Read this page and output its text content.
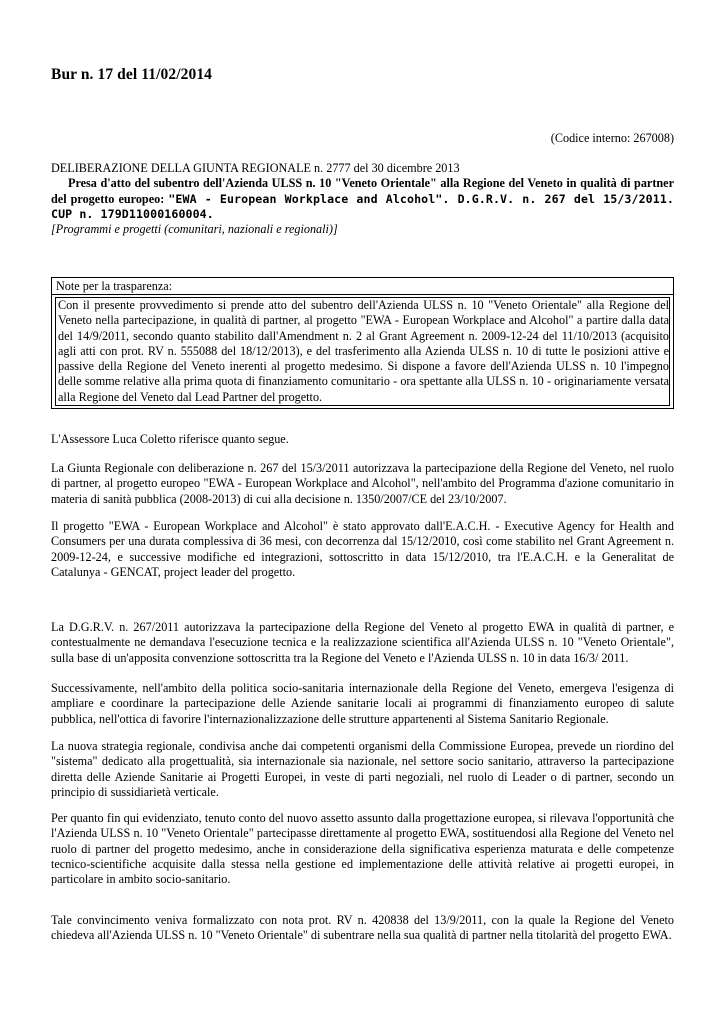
Bur n. 17 del 11/02/2014
(Codice interno: 267008)

DELIBERAZIONE DELLA GIUNTA REGIONALE n. 2777 del 30 dicembre 2013

Presa d'atto del subentro dell'Azienda ULSS n. 10 "Veneto Orientale" alla Regione del Veneto in qualità di partner del progetto europeo: "EWA - European Workplace and Alcohol". D.G.R.V. n. 267 del 15/3/2011. CUP n. 179D11000160004.

[Programmi e progetti (comunitari, nazionali e regionali)]

Note per la trasparenza:
Con il presente provvedimento si prende atto del subentro dell'Azienda ULSS n. 10 "Veneto Orientale" alla Regione del Veneto nella partecipazione, in qualità di partner, al progetto "EWA - European Workplace and Alcohol" a partire dalla data del 14/9/2011, secondo quanto stabilito dall'Amendment n. 2 al Grant Agreement n. 2009-12-24 del 11/10/2013 (acquisito agli atti con prot. RV n. 555088 del 18/12/2013), e del trasferimento alla Azienda ULSS n. 10 di tutte le posizioni attive e passive della Regione del Veneto inerenti al progetto medesimo. Si dispone a favore dell'Azienda ULSS n. 10 l'impegno delle somme relative alla prima quota di finanziamento comunitario - ora spettante alla ULSS n. 10 - originariamente versata alla Regione del Veneto dal Lead Partner del progetto.

L'Assessore Luca Coletto riferisce quanto segue.

La Giunta Regionale con deliberazione n. 267 del 15/3/2011 autorizzava la partecipazione della Regione del Veneto, nel ruolo di partner, al progetto europeo "EWA - European Workplace and Alcohol", nell'ambito del Programma d'azione comunitario in materia di sanità pubblica (2008-2013) di cui alla decisione n. 1350/2007/CE del 23/10/2007.

Il progetto "EWA - European Workplace and Alcohol" è stato approvato dall'E.A.C.H. - Executive Agency for Health and Consumers per una durata complessiva di 36 mesi, con decorrenza dal 15/12/2010, così come stabilito nel Grant Agreement n. 2009-12-24, e successive modifiche ed integrazioni, sottoscritto in data 15/12/2010, tra l'E.A.C.H. e la Generalitat de Catalunya - GENCAT, project leader del progetto.

La D.G.R.V. n. 267/2011 autorizzava la partecipazione della Regione del Veneto al progetto EWA in qualità di partner, e contestualmente ne demandava l'esecuzione tecnica e la realizzazione scientifica all'Azienda ULSS n. 10 "Veneto Orientale", sulla base di un'apposita convenzione sottoscritta tra la Regione del Veneto e l'Azienda ULSS n. 10 in data 16/3/ 2011.

Successivamente, nell'ambito della politica socio-sanitaria internazionale della Regione del Veneto, emergeva l'esigenza di ampliare e coordinare la partecipazione delle Aziende sanitarie locali ai programmi di finanziamento europeo di salute pubblica, nell'ottica di favorire l'internazionalizzazione delle strutture appartenenti al Sistema Sanitario Regionale.

La nuova strategia regionale, condivisa anche dai competenti organismi della Commissione Europea, prevede un riordino del "sistema" dedicato alla progettualità, sia internazionale sia nazionale, nel settore socio sanitario, attraverso la partecipazione diretta delle Aziende Sanitarie ai Progetti Europei, in veste di parti negoziali, nel ruolo di Leader o di partner, secondo un principio di sussidiarietà verticale.

Per quanto fin qui evidenziato, tenuto conto del nuovo assetto assunto dalla progettazione europea, si rilevava l'opportunità che l'Azienda ULSS n. 10 "Veneto Orientale" partecipasse direttamente al progetto EWA, sostituendosi alla Regione del Veneto nel ruolo di partner del progetto medesimo, anche in considerazione della significativa esperienza maturata e delle competenze tecnico-scientifiche acquisite dalla stessa nella gestione ed implementazione delle attività relative ai progetti europei, in particolare in ambito socio-sanitario.

Tale convincimento veniva formalizzato con nota prot. RV n. 420838 del 13/9/2011, con la quale la Regione del Veneto chiedeva all'Azienda ULSS n. 10 "Veneto Orientale" di subentrare nella sua qualità di partner nella titolarità del progetto EWA.
